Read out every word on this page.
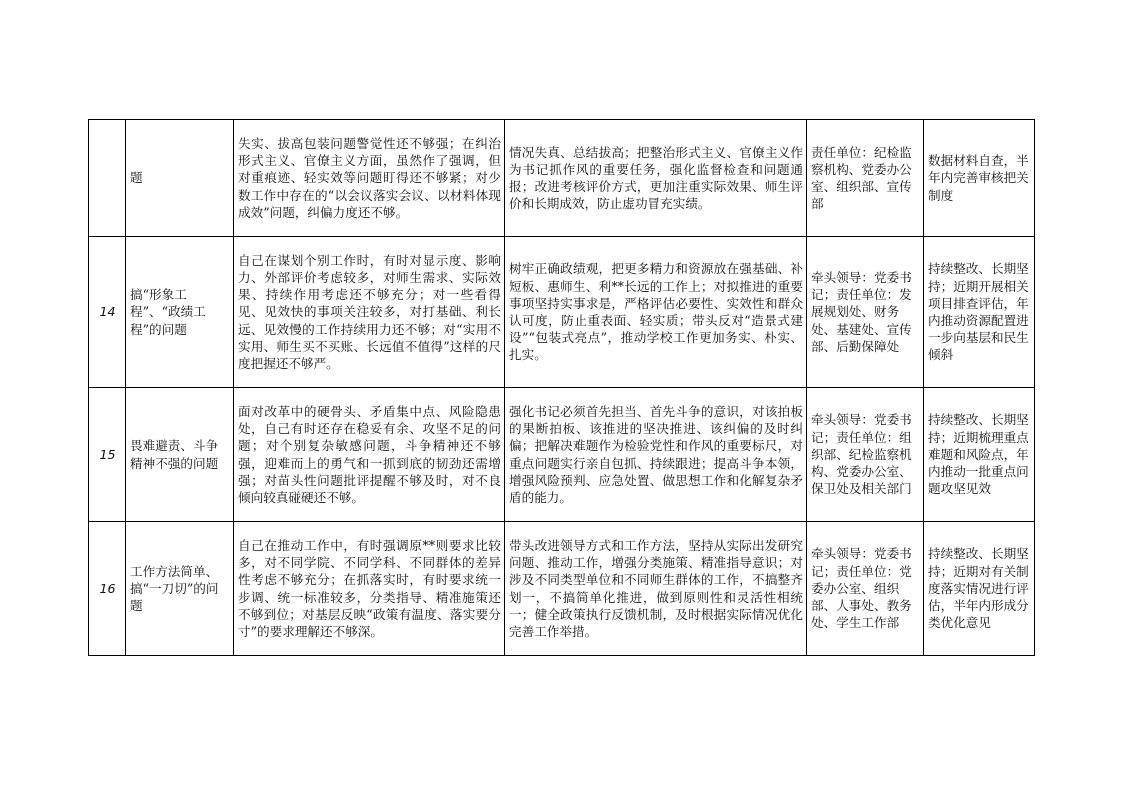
	题	失实、拔高包装问题警觉性还不够强；在纠治形式主义、官僚主义方面，虽然作了强调，但对重痕迹、轻实效等问题盯得还不够紧；对少数工作中存在的“以会议落实会议、以材料体现成效”问题，纠偏力度还不够。	情况失真、总结拔高；把整治形式主义、官僚主义作为书记抓作风的重要任务，强化监督检查和问题通报；改进考核评价方式，更加注重实际效果、师生评价和长期成效，防止虚功冒充实绩。	责任单位：纪检监察机构、党委办公室、组织部、宣传部	数据材料自查，半年内完善审核把关制度
14	搞“形象工程”、“政绩工程”的问题	自己在谋划个别工作时，有时对显示度、影响力、外部评价考虑较多，对师生需求、实际效果、持续作用考虑还不够充分；对一些看得见、见效快的事项关注较多，对打基础、利长远、见效慢的工作持续用力还不够；对“实用不实用、师生买不买账、长远值不值得”这样的尺度把握还不够严。	树牢正确政绩观，把更多精力和资源放在强基础、补短板、惠师生、利**长远的工作上；对拟推进的重要事项坚持实事求是，严格评估必要性、实效性和群众认可度，防止重表面、轻实质；带头反对“造景式建设”“包装式亮点”，推动学校工作更加务实、朴实、扎实。	牵头领导：党委书记；责任单位：发展规划处、财务处、基建处、宣传部、后勤保障处	持续整改、长期坚持；近期开展相关项目排查评估，年内推动资源配置进一步向基层和民生倾斜
15	畏难避责、斗争精神不强的问题	面对改革中的硬骨头、矛盾集中点、风险隐患处，自己有时还存在稳妥有余、攻坚不足的问题；对个别复杂敏感问题，斗争精神还不够强，迎难而上的勇气和一抓到底的韧劲还需增强；对苗头性问题批评提醒不够及时，对不良倾向较真碰硬还不够。	强化书记必须首先担当、首先斗争的意识，对该拍板的果断拍板、该推进的坚决推进、该纠偏的及时纠偏；把解决难题作为检验党性和作风的重要标尺，对重点问题实行亲自包抓、持续跟进；提高斗争本领，增强风险预判、应急处置、做思想工作和化解复杂矛盾的能力。	牵头领导：党委书记；责任单位：组织部、纪检监察机构、党委办公室、保卫处及相关部门	持续整改、长期坚持；近期梳理重点难题和风险点，年内推动一批重点问题攻坚见效
16	工作方法简单、搞“一刀切”的问题	自己在推动工作中，有时强调原**则要求比较多，对不同学院、不同学科、不同群体的差异性考虑不够充分；在抓落实时，有时要求统一步调、统一标准较多，分类指导、精准施策还不够到位；对基层反映“政策有温度、落实要分寸”的要求理解还不够深。	带头改进领导方式和工作方法，坚持从实际出发研究问题、推动工作，增强分类施策、精准指导意识；对涉及不同类型单位和不同师生群体的工作，不搞整齐划一，不搞简单化推进，做到原则性和灵活性相统一；健全政策执行反馈机制，及时根据实际情况优化完善工作举措。	牵头领导：党委书记；责任单位：党委办公室、组织部、人事处、教务处、学生工作部	持续整改、长期坚持；近期对有关制度落实情况进行评估，半年内形成分类优化意见
